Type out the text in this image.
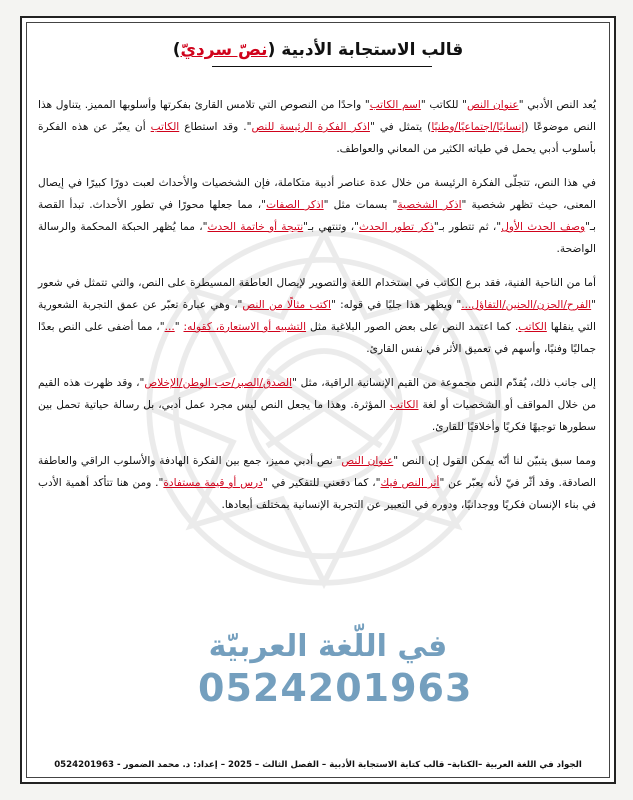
قالب الاستجابة الأدبية (نصّ سرديّ)

يُعد النص الأدبي "عنوان النص" للكاتب "اسم الكاتب" واحدًا من النصوص التي تلامس القارئ بفكرتها وأسلوبها المميز. يتناول هذا النص موضوعًا (إنسانيًا/اجتماعيًا/وطنيًا) يتمثل في "اذكر الفكرة الرئيسة للنص". وقد استطاع الكاتب أن يعبّر عن هذه الفكرة بأسلوب أدبي يحمل في طياته الكثير من المعاني والعواطف.

في هذا النص، تتجلّى الفكرة الرئيسة من خلال عدة عناصر أدبية متكاملة، فإن الشخصيات والأحداث لعبت دورًا كبيرًا في إيصال المعنى، حيث تظهر شخصية "اذكر الشخصية" بسمات مثل "اذكر الصفات"، مما جعلها محورًا في تطور الأحداث. تبدأ القصة بـ"وصف الحدث الأول"، ثم تتطور بـ"ذكر تطور الحدث"، وتنتهي بـ"نتيجة أو خاتمة الحدث"، مما يُظهر الحبكة المحكمة والرسالة الواضحة.

أما من الناحية الفنية، فقد برع الكاتب في استخدام اللغة والتصوير لإيصال العاطفة المسيطرة على النص، والتي تتمثل في شعور "الفرح/الحزن/الحنين/التفاؤل..." ويظهر هذا جليًا في قوله: "اكتب مثالًا من النص"، وهي عبارة تعبّر عن عمق التجربة الشعورية التي ينقلها الكاتب. كما اعتمد النص على بعض الصور البلاغية مثل التشبيه أو الاستعارة، كقوله: "..."، مما أضفى على النص بعدًا جماليًا وفنيًا، وأسهم في تعميق الأثر في نفس القارئ.

إلى جانب ذلك، يُقدّم النص مجموعة من القيم الإنسانية الراقية، مثل "الصدق/الصبر/حب الوطن/الإخلاص"، وقد ظهرت هذه القيم من خلال المواقف أو الشخصيات أو لغة الكاتب المؤثرة. وهذا ما يجعل النص ليس مجرد عمل أدبي، بل رسالة حياتية تحمل بين سطورها توجيهًا فكريًا وأخلاقيًا للقارئ.

ومما سبق يتبيّن لنا أنّه يمكن القول إن النص "عنوان النص" نص أدبي مميز، جمع بين الفكرة الهادفة والأسلوب الراقي والعاطفة الصادقة. وقد أثّر فيّ لأنه يعبّر عن "أثر النص فيك"، كما دفعني للتفكير في "درس أو قيمة مستفادة". ومن هنا تتأكد أهمية الأدب في بناء الإنسان فكريًا ووجدانيًا، ودوره في التعبير عن التجربة الإنسانية بمختلف أبعادها.

في اللّغة العربيّة
0524201963
الجواد في اللغة العربية –الكتابة– قالب كتابة الاستجابة الأدبية – الفصل الثالث – 2025 – إعداد: د. محمد الضمور - 0524201963
